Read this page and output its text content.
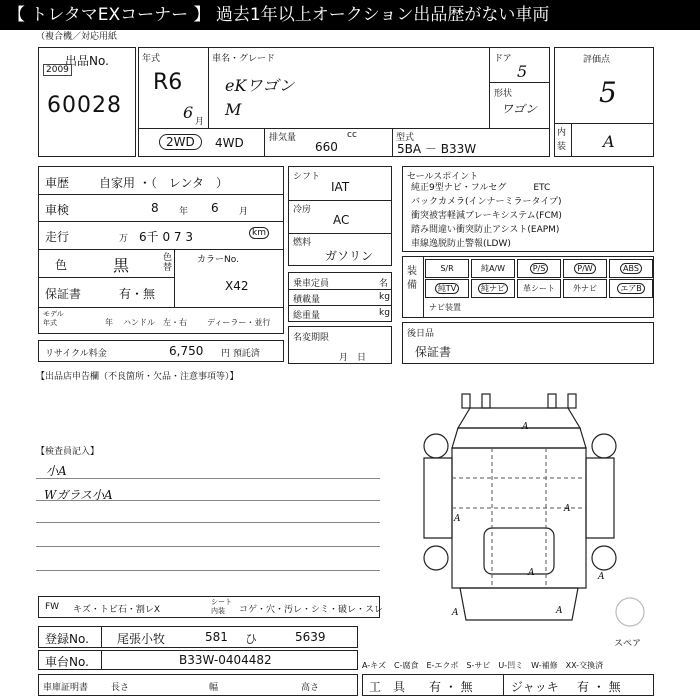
【 トレタマEXコーナー 】 過去1年以上オークション出品歴がない車両
（複合機／対応用紙
出品No.
2009
60028
年式
R6
6 月
車名・グレード
eKワゴン
M
ドア
5
形状
ワゴン
2WD	4WD	排気量
660
cc	型式
5BA － B33W
評価点
5
内装 A
車歴 自家用 ・（　レンタ　）
車検	8 年 6 月
走行	万 6千 0 7 3	km
色	黒	色替
カラーNo.
X42
保証書	有・無
モデル年式	年 ハンドル　左・右	ディーラー・並行
リサイクル料金	6,750 円 預託済
シフト
IAT
冷房
AC
燃料
ガソリン
乗車定員	名
積載量	kg
総重量	kg
名変期限
月　日
セールスポイント
純正9型ナビ・フルセグ　　　ETC
バックカメラ(インナーミラータイプ)
衝突被害軽減ブレーキシステム(FCM)
踏み間違い衝突防止アシスト(EAPM)
車線逸脱防止警報(LDW)
装備
S/R	純A/W	P/S	P/W	ABS
純TV	純ナビ	革シート	外ナビ	エアB
ナビ装置
後日品
保証書
【出品店申告欄（不良箇所・欠品・注意事項等）】
【検査員記入】
小A
Wガラス小A
A
A
A
A	A
A	A
スペア
FW キズ・トビ石・割レX
シート内装	コゲ・穴・汚レ・シミ・破レ・スレ
登録No. 尾張小牧	581 ひ	5639
車台No.	B33W-0404482
車庫証明書	長さ	幅	高さ
A-キズ　C-腐食　E-エクボ　S-サビ　U-凹ミ　W-補修　XX-交換済
工　具 有 ・ 無	ジャッキ 有 ・ 無
